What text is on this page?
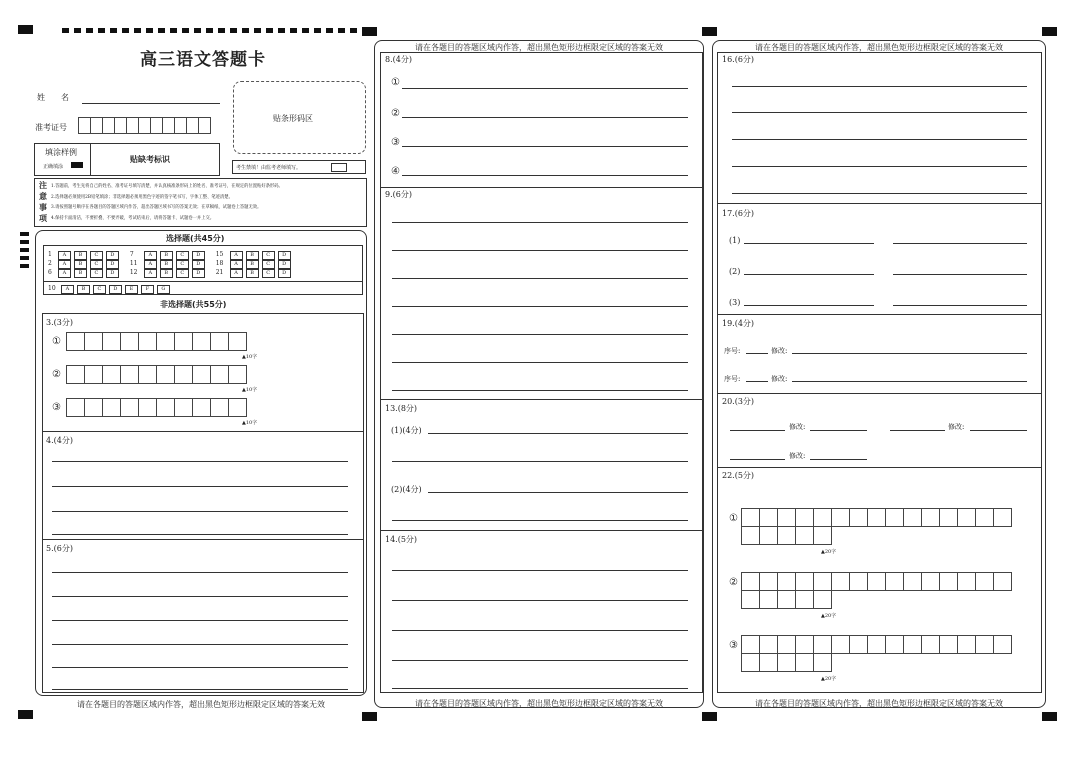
高三语文答题卡
姓　　名
准考证号
贴条形码区
填涂样例
正确填涂
贴缺考标识
考生禁填！由监考老师填写。
注
意
事
项
1.答题前，考生先将自己的姓名、准考证号填写清楚，并认真核准条形码上的姓名、准考证号，在规定的位置贴好条形码。
2.选择题必须使用2B铅笔填涂；非选择题必须用黑色字迹的签字笔书写，字体工整、笔迹清楚。
3.请按照题号顺序在各题目的答题区域内作答，超出答题区域书写的答案无效；在草稿纸、试题卷上答题无效。
4.保持卡面清洁，不要折叠、不要弄破，考试结束后，请将答题卡、试题卷一并上交。
选择题(共45分)
1 A B C D	7	A B C D	15 A B C D
2 A B C D	11 A B C D	18 A B C D
6 A B C D	12 A B C D	21 A B C D
10 A B C D E F G
非选择题(共55分)
3.(3分)
①
▲10字
②
▲10字
③
▲10字
4.(4分)
5.(6分)
请在各题目的答题区域内作答，超出黑色矩形边框限定区域的答案无效
请在各题目的答题区域内作答，超出黑色矩形边框限定区域的答案无效
请在各题目的答题区域内作答，超出黑色矩形边框限定区域的答案无效
8.(4分)
①
②
③
④
9.(6分)
13.(8分)
(1)(4分)
(2)(4分)
14.(5分)
请在各题目的答题区域内作答，超出黑色矩形边框限定区域的答案无效
请在各题目的答题区域内作答，超出黑色矩形边框限定区域的答案无效
16.(6分)
17.(6分)
(1)
(2)
(3)
19.(4分)
序号:	修改:
序号:	修改:
20.(3分)
修改:	修改:
修改:
22.(5分)
①
▲20字
②
▲20字
③
▲20字
